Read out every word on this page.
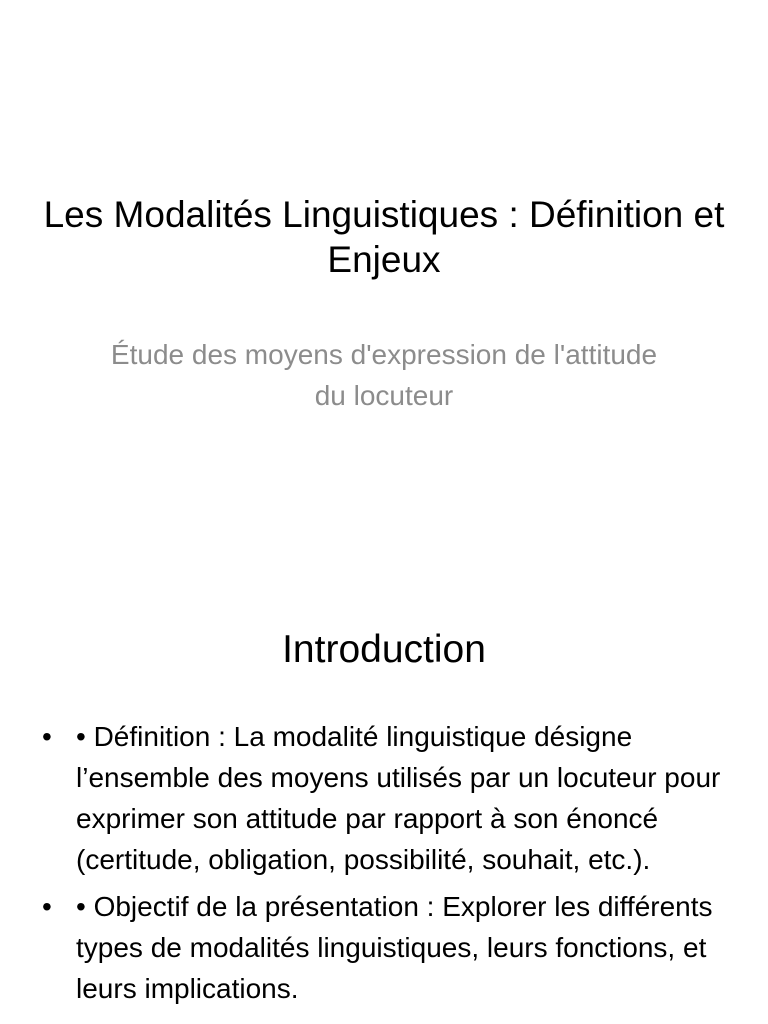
Les Modalités Linguistiques : Définition et Enjeux
Étude des moyens d'expression de l'attitude du locuteur
Introduction
• • Définition : La modalité linguistique désigne l’ensemble des moyens utilisés par un locuteur pour exprimer son attitude par rapport à son énoncé (certitude, obligation, possibilité, souhait, etc.).
• • Objectif de la présentation : Explorer les différents types de modalités linguistiques, leurs fonctions, et leurs implications.
